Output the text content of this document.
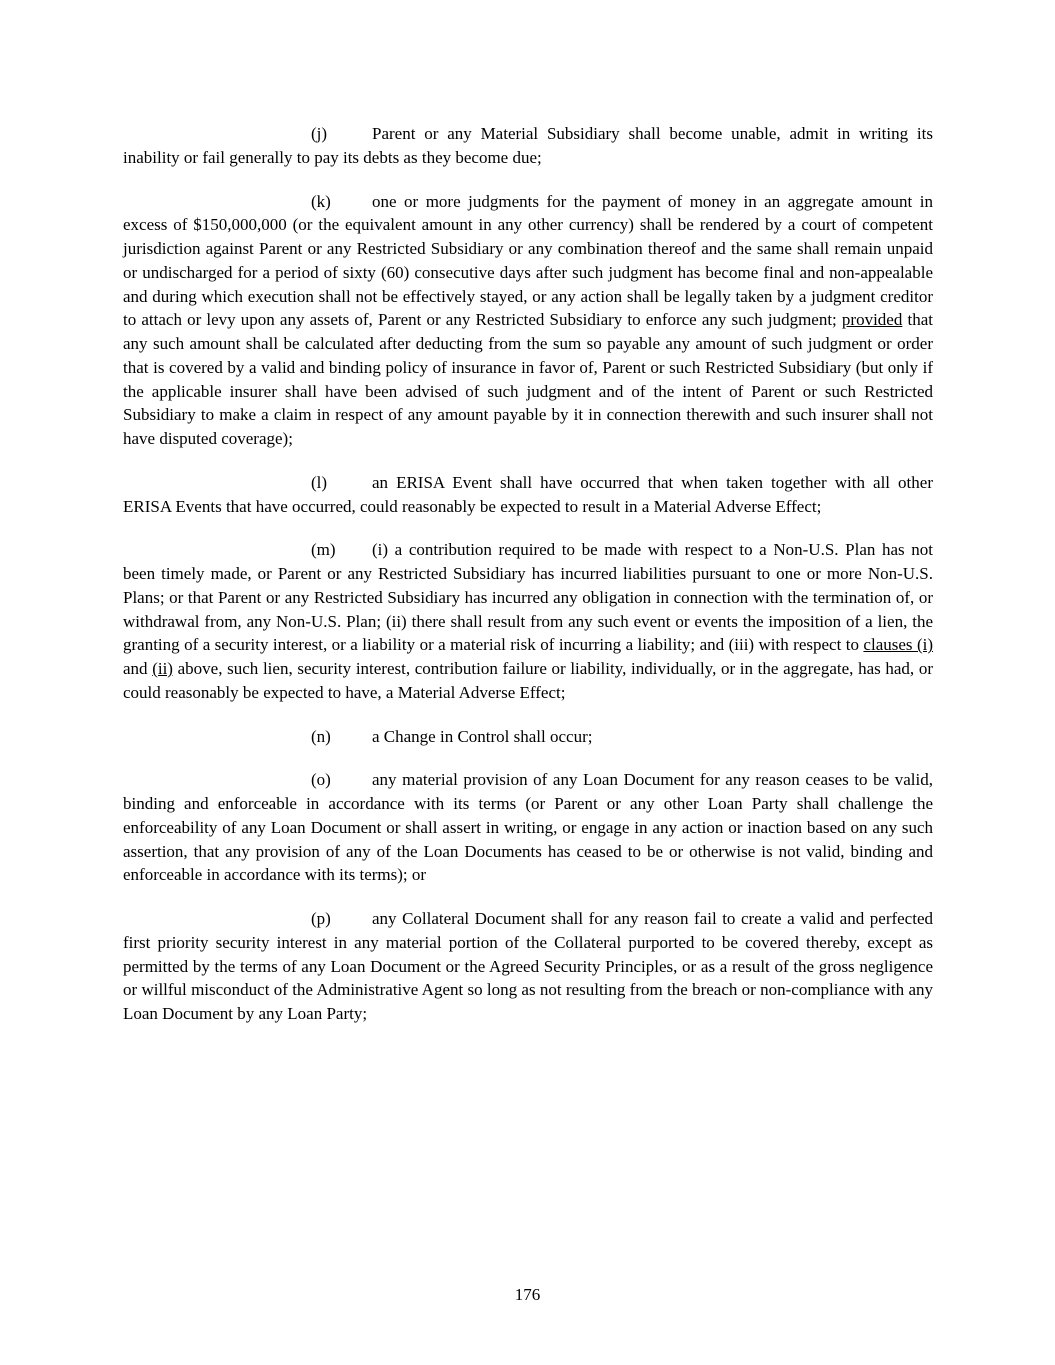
(j)	Parent or any Material Subsidiary shall become unable, admit in writing its inability or fail generally to pay its debts as they become due;

(k) one or more judgments for the payment of money in an aggregate amount in excess of $150,000,000 (or the equivalent amount in any other currency) shall be rendered by a court of competent jurisdiction against Parent or any Restricted Subsidiary or any combination thereof and the same shall remain unpaid or undischarged for a period of sixty (60) consecutive days after such judgment has become final and non-appealable and during which execution shall not be effectively stayed, or any action shall be legally taken by a judgment creditor to attach or levy upon any assets of, Parent or any Restricted Subsidiary to enforce any such judgment; provided that any such amount shall be calculated after deducting from the sum so payable any amount of such judgment or order that is covered by a valid and binding policy of insurance in favor of, Parent or such Restricted Subsidiary (but only if the applicable insurer shall have been advised of such judgment and of the intent of Parent or such Restricted Subsidiary to make a claim in respect of any amount payable by it in connection therewith and such insurer shall not have disputed coverage);

(l)	an ERISA Event shall have occurred that when taken together with all other ERISA Events that have occurred, could reasonably be expected to result in a Material Adverse Effect;

(m) (i) a contribution required to be made with respect to a Non-U.S. Plan has not been timely made, or Parent or any Restricted Subsidiary has incurred liabilities pursuant to one or more Non-U.S. Plans; or that Parent or any Restricted Subsidiary has incurred any obligation in connection with the termination of, or withdrawal from, any Non-U.S. Plan; (ii) there shall result from any such event or events the imposition of a lien, the granting of a security interest, or a liability or a material risk of incurring a liability; and (iii) with respect to clauses (i) and (ii) above, such lien, security interest, contribution failure or liability, individually, or in the aggregate, has had, or could reasonably be expected to have, a Material Adverse Effect;

(n) a Change in Control shall occur;

(o) any material provision of any Loan Document for any reason ceases to be valid, binding and enforceable in accordance with its terms (or Parent or any other Loan Party shall challenge the enforceability of any Loan Document or shall assert in writing, or engage in any action or inaction based on any such assertion, that any provision of any of the Loan Documents has ceased to be or otherwise is not valid, binding and enforceable in accordance with its terms); or

(p) any Collateral Document shall for any reason fail to create a valid and perfected first priority security interest in any material portion of the Collateral purported to be covered thereby, except as permitted by the terms of any Loan Document or the Agreed Security Principles, or as a result of the gross negligence or willful misconduct of the Administrative Agent so long as not resulting from the breach or non-compliance with any Loan Document by any Loan Party;

176
